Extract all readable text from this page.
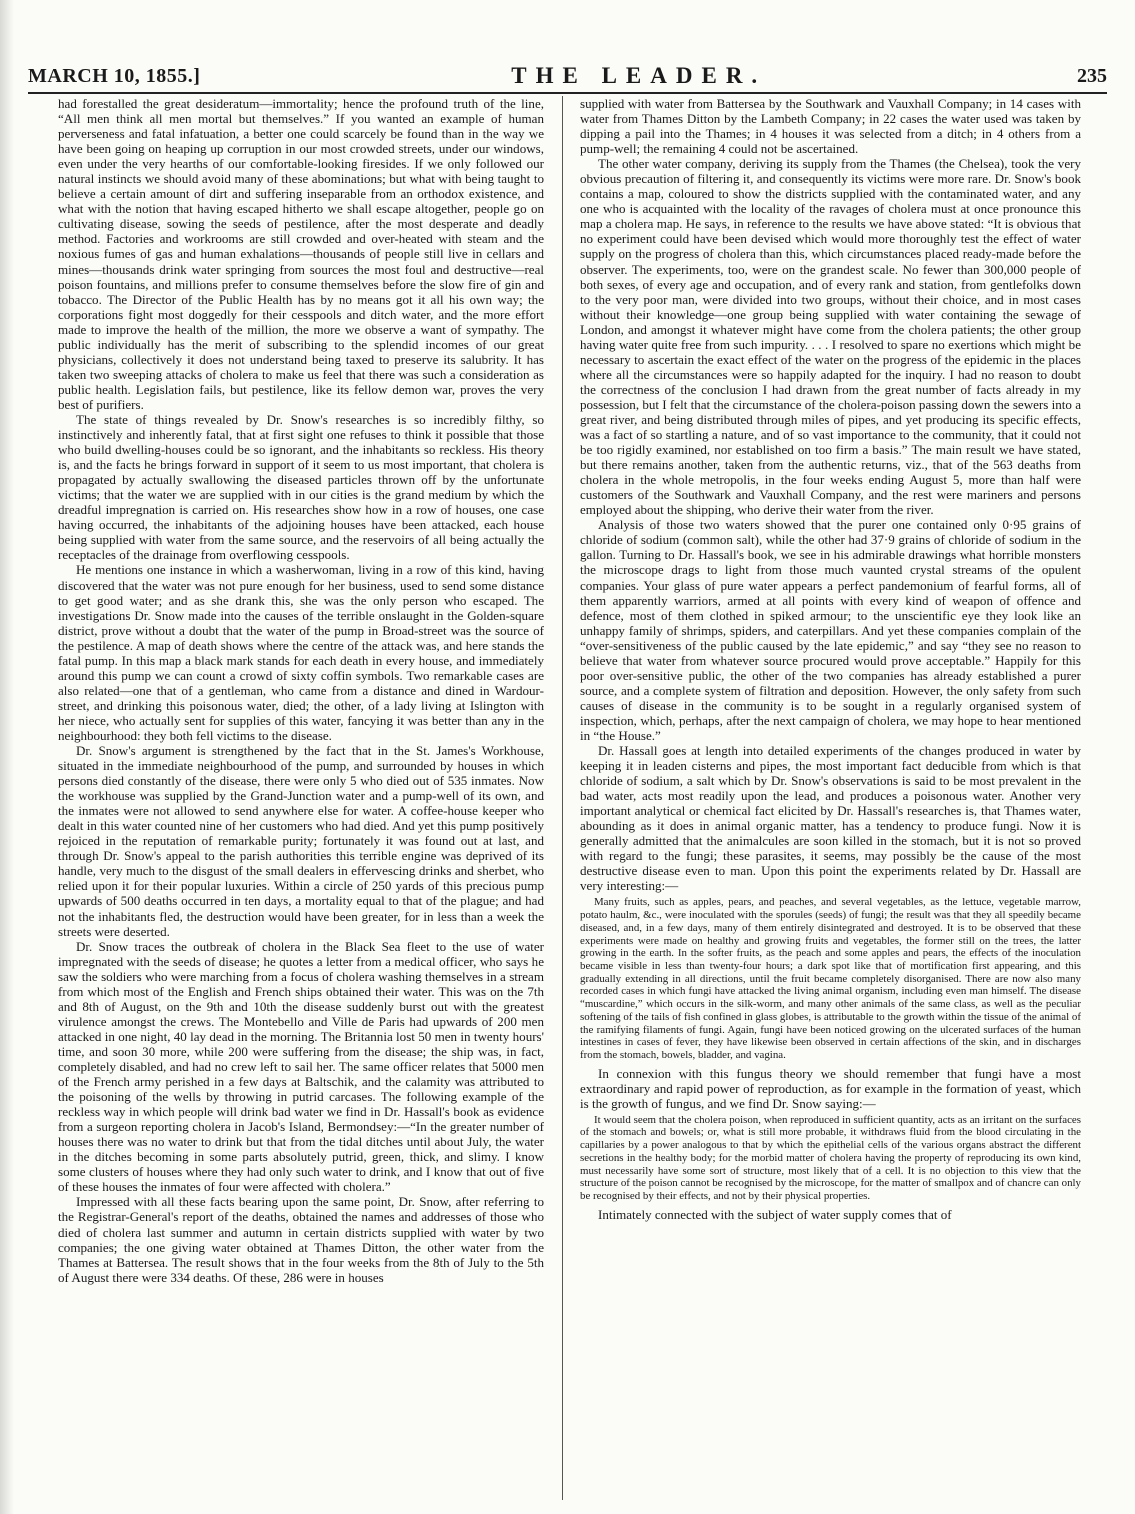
MARCH 10, 1855.]	THE LEADER.	235

had forestalled the great desideratum—immortality; hence the profound truth of the line, “All men think all men mortal but themselves.” If you wanted an example of human perverseness and fatal infatuation, a better one could scarcely be found than in the way we have been going on heaping up corruption in our most crowded streets, under our windows, even under the very hearths of our comfortable-looking firesides. If we only followed our natural instincts we should avoid many of these abominations; but what with being taught to believe a certain amount of dirt and suffering inseparable from an orthodox existence, and what with the notion that having escaped hitherto we shall escape altogether, people go on cultivating disease, sowing the seeds of pestilence, after the most desperate and deadly method. Factories and workrooms are still crowded and over-heated with steam and the noxious fumes of gas and human exhalations—thousands of people still live in cellars and mines—thousands drink water springing from sources the most foul and destructive—real poison fountains, and millions prefer to consume themselves before the slow fire of gin and tobacco. The Director of the Public Health has by no means got it all his own way; the corporations fight most doggedly for their cesspools and ditch water, and the more effort made to improve the health of the million, the more we observe a want of sympathy. The public individually has the merit of subscribing to the splendid incomes of our great physicians, collectively it does not understand being taxed to preserve its salubrity. It has taken two sweeping attacks of cholera to make us feel that there was such a consideration as public health. Legislation fails, but pestilence, like its fellow demon war, proves the very best of purifiers.

The state of things revealed by Dr. Snow's researches is so incredibly filthy, so instinctively and inherently fatal, that at first sight one refuses to think it possible that those who build dwelling-houses could be so ignorant, and the inhabitants so reckless. His theory is, and the facts he brings forward in support of it seem to us most important, that cholera is propagated by actually swallowing the diseased particles thrown off by the unfortunate victims; that the water we are supplied with in our cities is the grand medium by which the dreadful impregnation is carried on. His researches show how in a row of houses, one case having occurred, the inhabitants of the adjoining houses have been attacked, each house being supplied with water from the same source, and the reservoirs of all being actually the receptacles of the drainage from overflowing cesspools.

He mentions one instance in which a washerwoman, living in a row of this kind, having discovered that the water was not pure enough for her business, used to send some distance to get good water; and as she drank this, she was the only person who escaped. The investigations Dr. Snow made into the causes of the terrible onslaught in the Golden-square district, prove without a doubt that the water of the pump in Broad-street was the source of the pestilence. A map of death shows where the centre of the attack was, and here stands the fatal pump. In this map a black mark stands for each death in every house, and immediately around this pump we can count a crowd of sixty coffin symbols. Two remarkable cases are also related—one that of a gentleman, who came from a distance and dined in Wardour-street, and drinking this poisonous water, died; the other, of a lady living at Islington with her niece, who actually sent for supplies of this water, fancying it was better than any in the neighbourhood: they both fell victims to the disease.

Dr. Snow's argument is strengthened by the fact that in the St. James's Workhouse, situated in the immediate neighbourhood of the pump, and surrounded by houses in which persons died constantly of the disease, there were only 5 who died out of 535 inmates. Now the workhouse was supplied by the Grand-Junction water and a pump-well of its own, and the inmates were not allowed to send anywhere else for water. A coffee-house keeper who dealt in this water counted nine of her customers who had died. And yet this pump positively rejoiced in the reputation of remarkable purity; fortunately it was found out at last, and through Dr. Snow's appeal to the parish authorities this terrible engine was deprived of its handle, very much to the disgust of the small dealers in effervescing drinks and sherbet, who relied upon it for their popular luxuries. Within a circle of 250 yards of this precious pump upwards of 500 deaths occurred in ten days, a mortality equal to that of the plague; and had not the inhabitants fled, the destruction would have been greater, for in less than a week the streets were deserted.

Dr. Snow traces the outbreak of cholera in the Black Sea fleet to the use of water impregnated with the seeds of disease; he quotes a letter from a medical officer, who says he saw the soldiers who were marching from a focus of cholera washing themselves in a stream from which most of the English and French ships obtained their water. This was on the 7th and 8th of August, on the 9th and 10th the disease suddenly burst out with the greatest virulence amongst the crews. The Montebello and Ville de Paris had upwards of 200 men attacked in one night, 40 lay dead in the morning. The Britannia lost 50 men in twenty hours' time, and soon 30 more, while 200 were suffering from the disease; the ship was, in fact, completely disabled, and had no crew left to sail her. The same officer relates that 5000 men of the French army perished in a few days at Baltschik, and the calamity was attributed to the poisoning of the wells by throwing in putrid carcases. The following example of the reckless way in which people will drink bad water we find in Dr. Hassall's book as evidence from a surgeon reporting cholera in Jacob's Island, Bermondsey:—“In the greater number of houses there was no water to drink but that from the tidal ditches until about July, the water in the ditches becoming in some parts absolutely putrid, green, thick, and slimy. I know some clusters of houses where they had only such water to drink, and I know that out of five of these houses the inmates of four were affected with cholera.”

Impressed with all these facts bearing upon the same point, Dr. Snow, after referring to the Registrar-General's report of the deaths, obtained the names and addresses of those who died of cholera last summer and autumn in certain districts supplied with water by two companies; the one giving water obtained at Thames Ditton, the other water from the Thames at Battersea. The result shows that in the four weeks from the 8th of July to the 5th of August there were 334 deaths. Of these, 286 were in houses

supplied with water from Battersea by the Southwark and Vauxhall Company; in 14 cases with water from Thames Ditton by the Lambeth Company; in 22 cases the water used was taken by dipping a pail into the Thames; in 4 houses it was selected from a ditch; in 4 others from a pump-well; the remaining 4 could not be ascertained.

The other water company, deriving its supply from the Thames (the Chelsea), took the very obvious precaution of filtering it, and consequently its victims were more rare. Dr. Snow's book contains a map, coloured to show the districts supplied with the contaminated water, and any one who is acquainted with the locality of the ravages of cholera must at once pronounce this map a cholera map. He says, in reference to the results we have above stated: “It is obvious that no experiment could have been devised which would more thoroughly test the effect of water supply on the progress of cholera than this, which circumstances placed ready-made before the observer. The experiments, too, were on the grandest scale. No fewer than 300,000 people of both sexes, of every age and occupation, and of every rank and station, from gentlefolks down to the very poor man, were divided into two groups, without their choice, and in most cases without their knowledge—one group being supplied with water containing the sewage of London, and amongst it whatever might have come from the cholera patients; the other group having water quite free from such impurity. . . . I resolved to spare no exertions which might be necessary to ascertain the exact effect of the water on the progress of the epidemic in the places where all the circumstances were so happily adapted for the inquiry. I had no reason to doubt the correctness of the conclusion I had drawn from the great number of facts already in my possession, but I felt that the circumstance of the cholera-poison passing down the sewers into a great river, and being distributed through miles of pipes, and yet producing its specific effects, was a fact of so startling a nature, and of so vast importance to the community, that it could not be too rigidly examined, nor established on too firm a basis.” The main result we have stated, but there remains another, taken from the authentic returns, viz., that of the 563 deaths from cholera in the whole metropolis, in the four weeks ending August 5, more than half were customers of the Southwark and Vauxhall Company, and the rest were mariners and persons employed about the shipping, who derive their water from the river.

Analysis of those two waters showed that the purer one contained only 0·95 grains of chloride of sodium (common salt), while the other had 37·9 grains of chloride of sodium in the gallon. Turning to Dr. Hassall's book, we see in his admirable drawings what horrible monsters the microscope drags to light from those much vaunted crystal streams of the opulent companies. Your glass of pure water appears a perfect pandemonium of fearful forms, all of them apparently warriors, armed at all points with every kind of weapon of offence and defence, most of them clothed in spiked armour; to the unscientific eye they look like an unhappy family of shrimps, spiders, and caterpillars. And yet these companies complain of the “over-sensitiveness of the public caused by the late epidemic,” and say “they see no reason to believe that water from whatever source procured would prove acceptable.” Happily for this poor over-sensitive public, the other of the two companies has already established a purer source, and a complete system of filtration and deposition. However, the only safety from such causes of disease in the community is to be sought in a regularly organised system of inspection, which, perhaps, after the next campaign of cholera, we may hope to hear mentioned in “the House.”

Dr. Hassall goes at length into detailed experiments of the changes produced in water by keeping it in leaden cisterns and pipes, the most important fact deducible from which is that chloride of sodium, a salt which by Dr. Snow's observations is said to be most prevalent in the bad water, acts most readily upon the lead, and produces a poisonous water. Another very important analytical or chemical fact elicited by Dr. Hassall's researches is, that Thames water, abounding as it does in animal organic matter, has a tendency to produce fungi. Now it is generally admitted that the animalcules are soon killed in the stomach, but it is not so proved with regard to the fungi; these parasites, it seems, may possibly be the cause of the most destructive disease even to man. Upon this point the experiments related by Dr. Hassall are very interesting:—

Many fruits, such as apples, pears, and peaches, and several vegetables, as the lettuce, vegetable marrow, potato haulm, &c., were inoculated with the sporules (seeds) of fungi; the result was that they all speedily became diseased, and, in a few days, many of them entirely disintegrated and destroyed. It is to be observed that these experiments were made on healthy and growing fruits and vegetables, the former still on the trees, the latter growing in the earth. In the softer fruits, as the peach and some apples and pears, the effects of the inoculation became visible in less than twenty-four hours; a dark spot like that of mortification first appearing, and this gradually extending in all directions, until the fruit became completely disorganised. There are now also many recorded cases in which fungi have attacked the living animal organism, including even man himself. The disease “muscardine,” which occurs in the silk-worm, and many other animals of the same class, as well as the peculiar softening of the tails of fish confined in glass globes, is attributable to the growth within the tissue of the animal of the ramifying filaments of fungi. Again, fungi have been noticed growing on the ulcerated surfaces of the human intestines in cases of fever, they have likewise been observed in certain affections of the skin, and in discharges from the stomach, bowels, bladder, and vagina.

In connexion with this fungus theory we should remember that fungi have a most extraordinary and rapid power of reproduction, as for example in the formation of yeast, which is the growth of fungus, and we find Dr. Snow saying:—

It would seem that the cholera poison, when reproduced in sufficient quantity, acts as an irritant on the surfaces of the stomach and bowels; or, what is still more probable, it withdraws fluid from the blood circulating in the capillaries by a power analogous to that by which the epithelial cells of the various organs abstract the different secretions in the healthy body; for the morbid matter of cholera having the property of reproducing its own kind, must necessarily have some sort of structure, most likely that of a cell. It is no objection to this view that the structure of the poison cannot be recognised by the microscope, for the matter of smallpox and of chancre can only be recognised by their effects, and not by their physical properties.

Intimately connected with the subject of water supply comes that of
